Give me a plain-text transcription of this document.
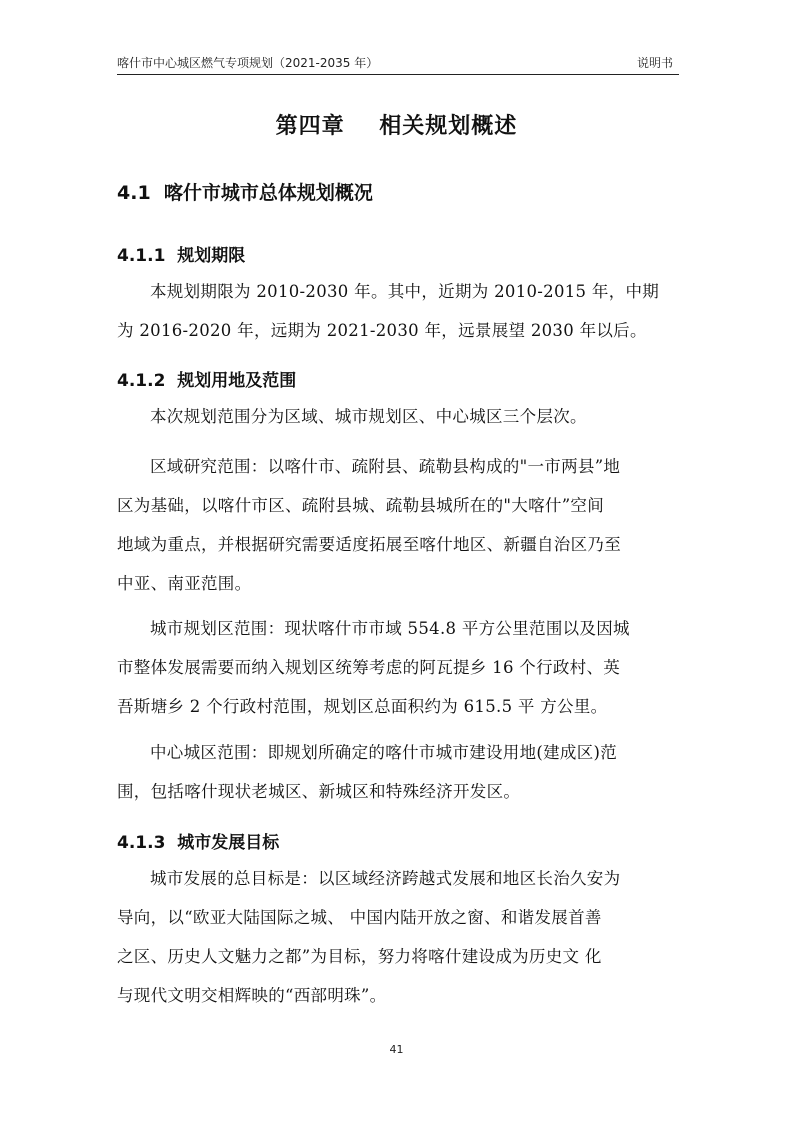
喀什市中心城区燃气专项规划（2021-2035 年）	说明书
第四章    相关规划概述
4.1  喀什市城市总体规划概况
4.1.1  规划期限
本规划期限为 2010-2030 年。其中，近期为 2010-2015 年，中期
为 2016-2020 年，远期为 2021-2030 年，远景展望 2030 年以后。
4.1.2  规划用地及范围
本次规划范围分为区域、城市规划区、中心城区三个层次。
区域研究范围：以喀什市、疏附县、疏勒县构成的"一市两县”地
区为基础，以喀什市区、疏附县城、疏勒县城所在的"大喀什”空间
地域为重点，并根据研究需要适度拓展至喀什地区、新疆自治区乃至
中亚、南亚范围。
城市规划区范围：现状喀什市市域 554.8 平方公里范围以及因城
市整体发展需要而纳入规划区统筹考虑的阿瓦提乡 16 个行政村、英
吾斯塘乡 2 个行政村范围，规划区总面积约为 615.5 平 方公里。
中心城区范围：即规划所确定的喀什市城市建设用地(建成区)范
围，包括喀什现状老城区、新城区和特殊经济开发区。
4.1.3  城市发展目标
城市发展的总目标是：以区域经济跨越式发展和地区长治久安为
导向，以“欧亚大陆国际之城、 中国内陆开放之窗、和谐发展首善
之区、历史人文魅力之都”为目标，努力将喀什建设成为历史文 化
与现代文明交相辉映的“西部明珠”。
41
